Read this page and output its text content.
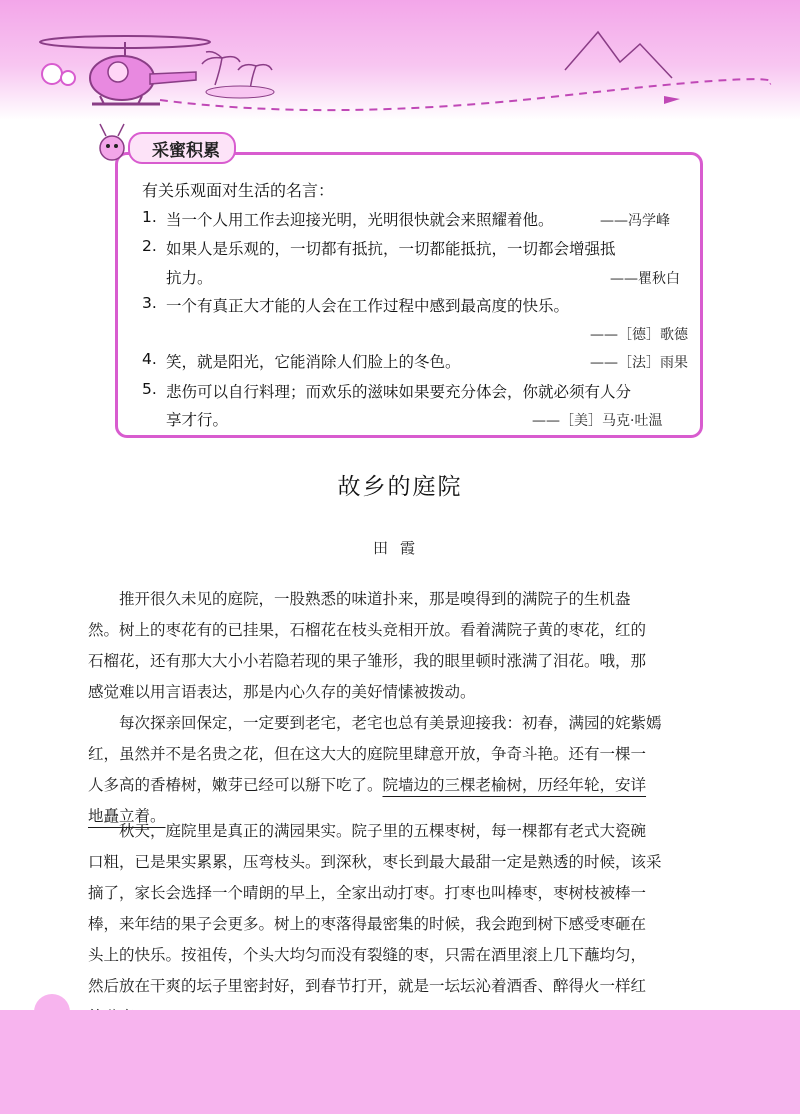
采蜜积累
有关乐观面对生活的名言：
1. 当一个人用工作去迎接光明，光明很快就会来照耀着他。	——冯学峰
2. 如果人是乐观的，一切都有抵抗，一切都能抵抗，一切都会增强抵
抗力。	——瞿秋白
3. 一个有真正大才能的人会在工作过程中感到最高度的快乐。
——［德］歌德
4. 笑，就是阳光，它能消除人们脸上的冬色。	——［法］雨果
5. 悲伤可以自行料理；而欢乐的滋味如果要充分体会，你就必须有人分
享才行。	——［美］马克·吐温
故乡的庭院
田霞
推开很久未见的庭院，一股熟悉的味道扑来，那是嗅得到的满院子的生机盎
然。树上的枣花有的已挂果，石榴花在枝头竞相开放。看着满院子黄的枣花，红的
石榴花，还有那大大小小若隐若现的果子雏形，我的眼里顿时涨满了泪花。哦，那
感觉难以用言语表达，那是内心久存的美好情愫被拨动。
每次探亲回保定，一定要到老宅，老宅也总有美景迎接我：初春，满园的姹紫嫣
红，虽然并不是名贵之花，但在这大大的庭院里肆意开放，争奇斗艳。还有一棵一
人多高的香椿树，嫩芽已经可以掰下吃了。院墙边的三棵老榆树，历经年轮，安详
地矗立着。
秋天，庭院里是真正的满园果实。院子里的五棵枣树，每一棵都有老式大瓷碗
口粗，已是果实累累，压弯枝头。到深秋，枣长到最大最甜一定是熟透的时候，该采
摘了，家长会选择一个晴朗的早上，全家出动打枣。打枣也叫棒枣，枣树枝被棒一
棒，来年结的果子会更多。树上的枣落得最密集的时候，我会跑到树下感受枣砸在
头上的快乐。按祖传，个头大均匀而没有裂缝的枣，只需在酒里滚上几下蘸均匀，
然后放在干爽的坛子里密封好，到春节打开，就是一坛坛沁着酒香、醉得火一样红
